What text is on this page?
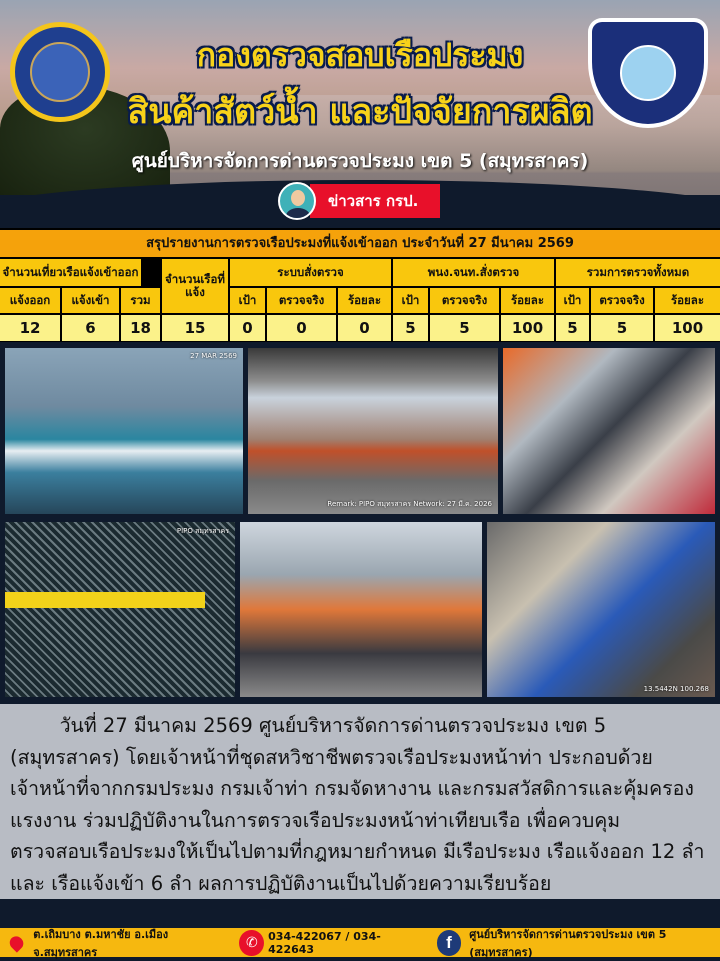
กองตรวจสอบเรือประมง
สินค้าสัตว์น้ำ และปัจจัยการผลิต
ศูนย์บริหารจัดการด่านตรวจประมง เขต 5 (สมุทรสาคร)
ข่าวสาร กรป.
สรุปรายงานการตรวจเรือประมงที่แจ้งเข้าออก ประจำวันที่ 27 มีนาคม 2569
จำนวนเที่ยวเรือแจ้งเข้าออก
จำนวนเรือที่แจ้ง
ระบบสั่งตรวจ	พนง.จนท.สั่งตรวจ	รวมการตรวจทั้งหมด
แจ้งออก	แจ้งเข้า	รวม	เป้า	ตรวจจริง	ร้อยละ	เป้า	ตรวจจริง	ร้อยละ	เป้า	ตรวจจริง	ร้อยละ
12	6	18	15	0	0	0	5	5	100	5	5	100
27 MAR 2569
Remark: PIPO สมุทรสาคร Network: 27 มี.ค. 2026
PIPO สมุทรสาคร
13.5442N 100.268
วันที่ 27 มีนาคม 2569 ศูนย์บริหารจัดการด่านตรวจประมง เขต 5
(สมุทรสาคร) โดยเจ้าหน้าที่ชุดสหวิชาชีพตรวจเรือประมงหน้าท่า ประกอบด้วย
เจ้าหน้าที่จากกรมประมง กรมเจ้าท่า กรมจัดหางาน และกรมสวัสดิการและคุ้มครอง
แรงงาน ร่วมปฏิบัติงานในการตรวจเรือประมงหน้าท่าเทียบเรือ เพื่อควบคุม
ตรวจสอบเรือประมงให้เป็นไปตามที่กฎหมายกำหนด มีเรือประมง เรือแจ้งออก 12 ลำ
และ เรือแจ้งเข้า 6 ลำ ผลการปฏิบัติงานเป็นไปด้วยความเรียบร้อย
ต.เถิมบาง ต.มหาชัย อ.เมือง จ.สมุทรสาคร
✆ 034-422067 / 034-422643	f	ศูนย์บริหารจัดการด่านตรวจประมง เขต 5 (สมุทรสาคร)
